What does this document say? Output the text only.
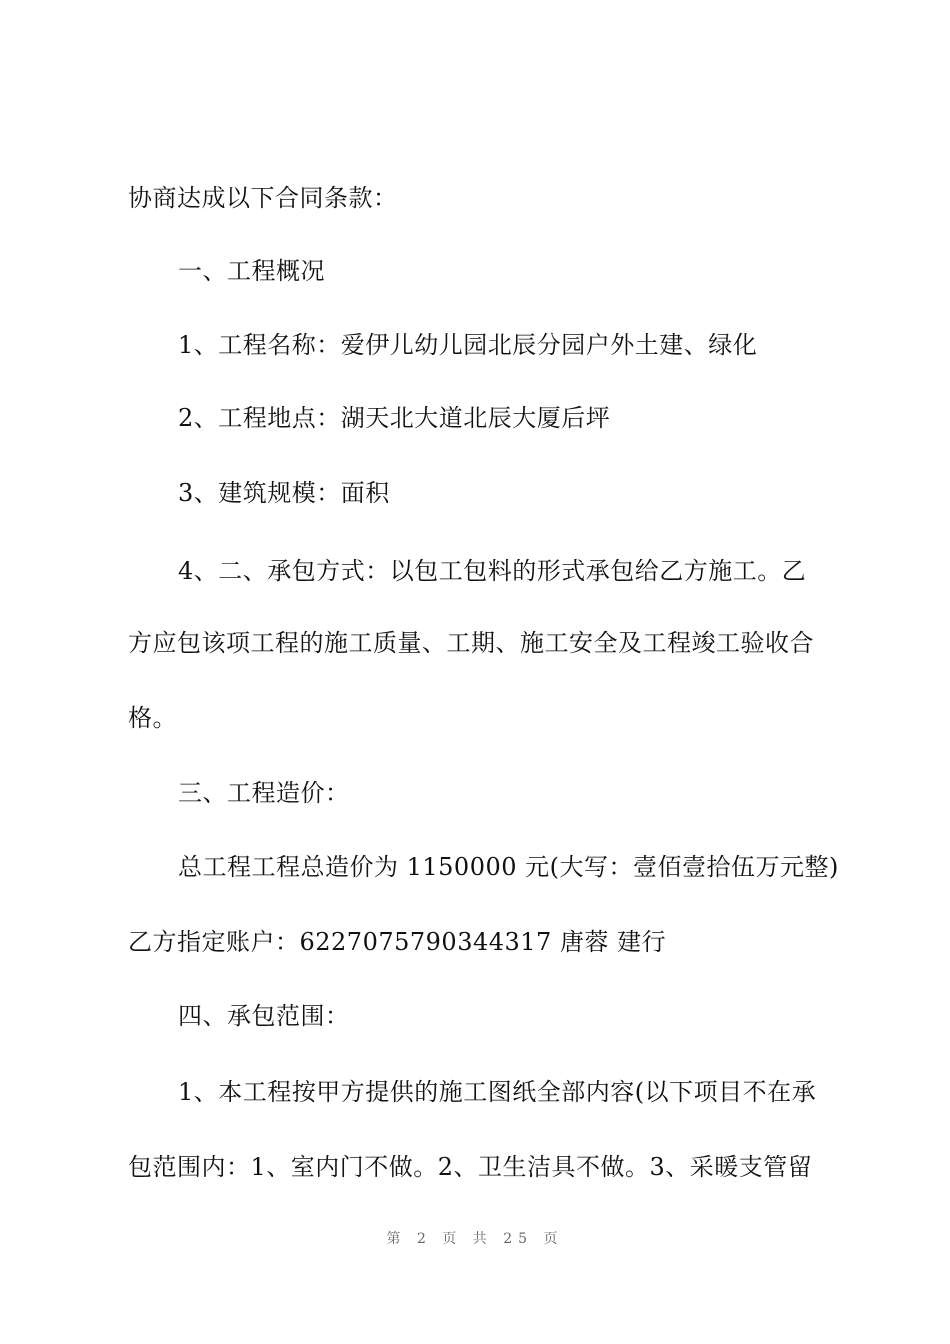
协商达成以下合同条款：
一、工程概况
1、工程名称：爱伊儿幼儿园北辰分园户外土建、绿化
2、工程地点：湖天北大道北辰大厦后坪
3、建筑规模：面积
4、二、承包方式：以包工包料的形式承包给乙方施工。乙
方应包该项工程的施工质量、工期、施工安全及工程竣工验收合
格。
三、工程造价：
总工程工程总造价为 1150000 元(大写：壹佰壹拾伍万元整)
乙方指定账户：6227075790344317 唐蓉 建行
四、承包范围：
1、本工程按甲方提供的施工图纸全部内容(以下项目不在承
包范围内：1、室内门不做。2、卫生洁具不做。3、采暖支管留
第 2 页 共 25 页
